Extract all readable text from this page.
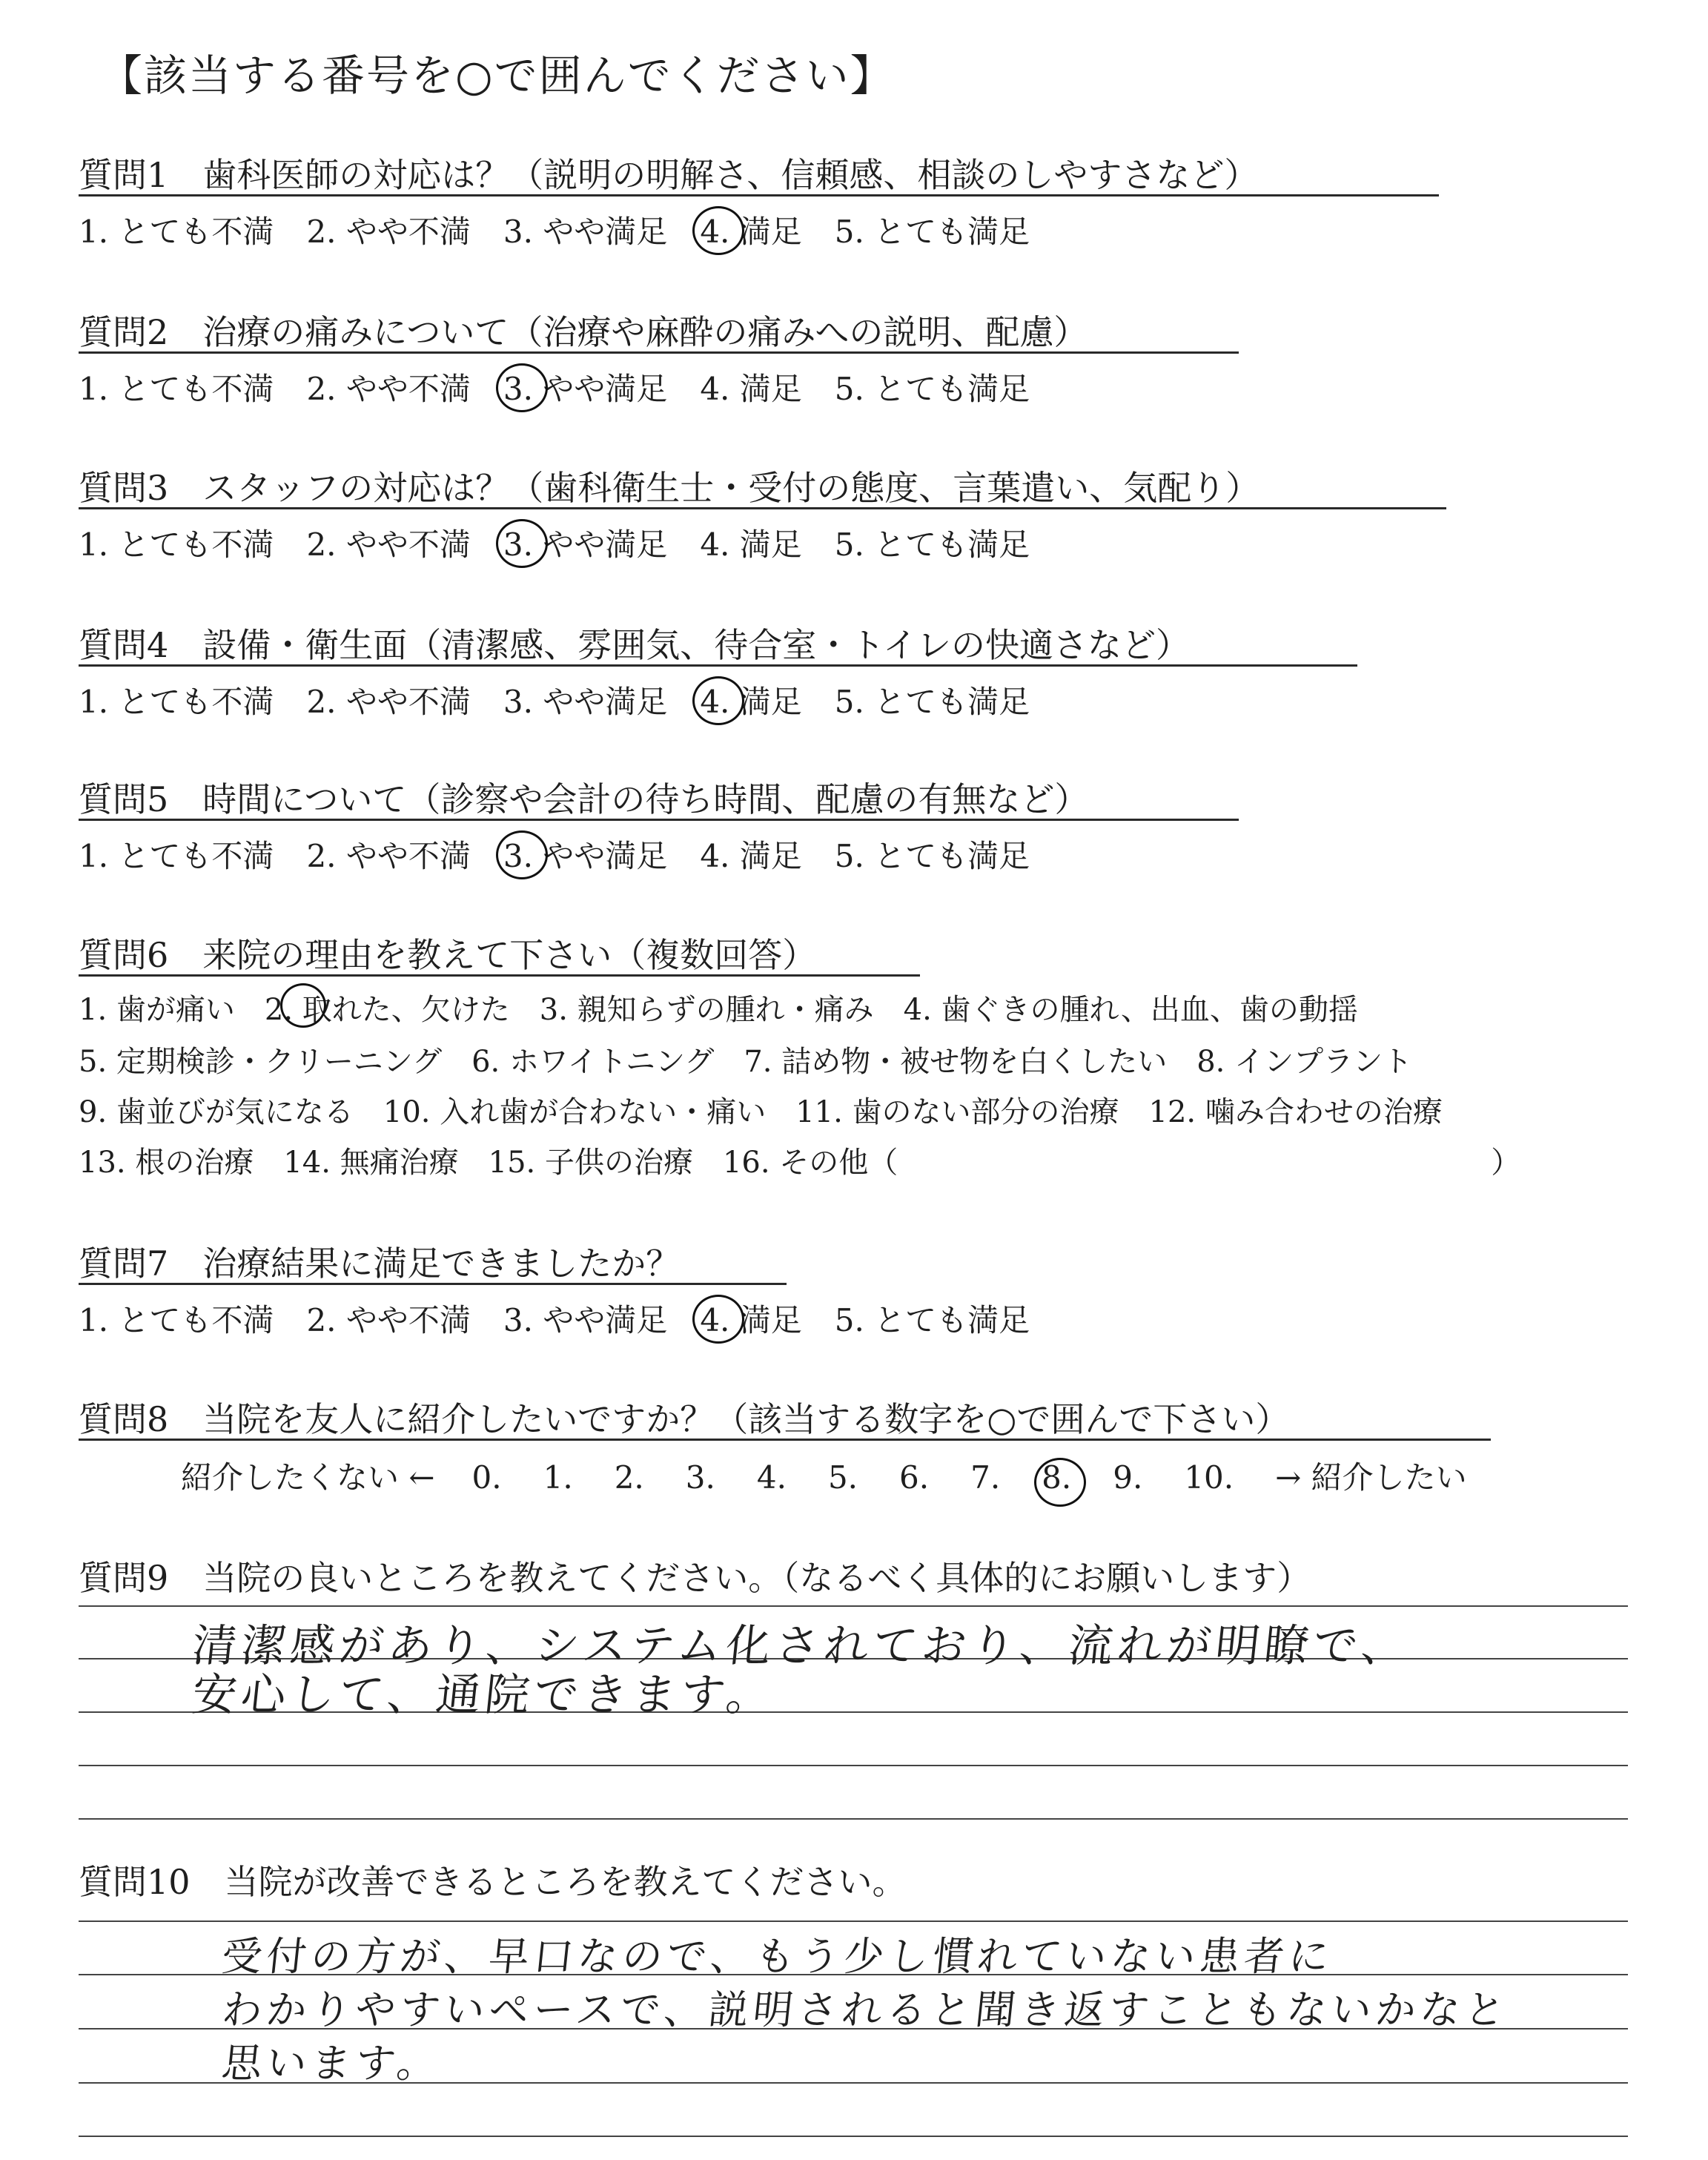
【該当する番号を○で囲んでください】
質問1　歯科医師の対応は？（説明の明解さ、信頼感、相談のしやすさなど）
1. とても不満 2. やや不満 3. やや満足 4. 満足 5. とても満足
質問2　治療の痛みについて（治療や麻酔の痛みへの説明、配慮）
1. とても不満 2. やや不満 3. やや満足 4. 満足 5. とても満足
質問3　スタッフの対応は？（歯科衛生士・受付の態度、言葉遣い、気配り）
1. とても不満 2. やや不満 3. やや満足 4. 満足 5. とても満足
質問4　設備・衛生面（清潔感、雰囲気、待合室・トイレの快適さなど）
1. とても不満 2. やや不満 3. やや満足 4. 満足 5. とても満足
質問5　時間について（診察や会計の待ち時間、配慮の有無など）
1. とても不満 2. やや不満 3. やや満足 4. 満足 5. とても満足
質問6　来院の理由を教えて下さい（複数回答）
1. 歯が痛い　2. 取れた、欠けた　3. 親知らずの腫れ・痛み　4. 歯ぐきの腫れ、出血、歯の動揺
5. 定期検診・クリーニング　6. ホワイトニング　7. 詰め物・被せ物を白くしたい　8. インプラント
9. 歯並びが気になる　10. 入れ歯が合わない・痛い　11. 歯のない部分の治療　12. 噛み合わせの治療
13. 根の治療　14. 無痛治療　15. 子供の治療　16. その他（　　　　　　　　　　　　　　　　　　　　）
質問7　治療結果に満足できましたか？
1. とても不満 2. やや不満 3. やや満足 4. 満足 5. とても満足
質問8　当院を友人に紹介したいですか？（該当する数字を○で囲んで下さい）
紹介したくない ← 0. 1. 2. 3. 4. 5. 6. 7. 8. 9. 10. → 紹介したい
質問9　当院の良いところを教えてください。（なるべく具体的にお願いします）
清潔感があり、システム化されており、流れが明瞭で、
安心して、通院できます。
質問10　当院が改善できるところを教えてください。
受付の方が、早口なので、もう少し慣れていない患者に
わかりやすいペースで、説明されると聞き返すこともないかなと
思います。
